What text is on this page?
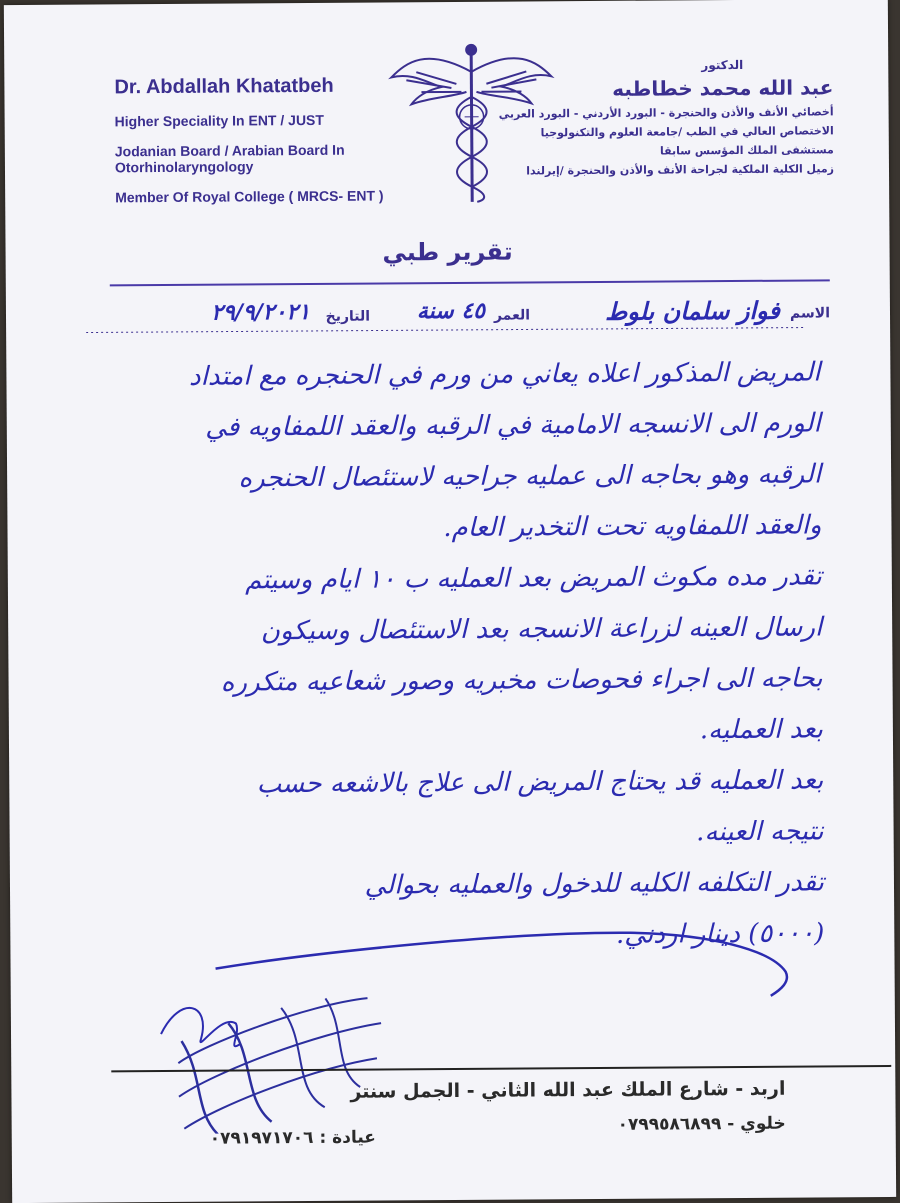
Dr. Abdallah Khatatbeh
Higher Speciality In ENT / JUST
Jodanian Board / Arabian Board In Otorhinolaryngology
Member Of Royal College ( MRCS- ENT )
الدكتور
عبد الله محمد خطاطبه
أخصائي الأنف والأذن والحنجرة - البورد الأردني - البورد العربي
الاختصاص العالي في الطب /جامعة العلوم والتكنولوجيا
مستشفى الملك المؤسس سابقا
زميل الكلية الملكية لجراحة الأنف والأذن والحنجرة /إيرلندا
تقرير طبي
الاسم
فواز سلمان بلوط
العمر
٤٥ سنة
التاريخ
٢٩/٩/٢٠٢١
المريض المذكور اعلاه يعاني من ورم في الحنجره مع امتداد
الورم الى الانسجه الامامية في الرقبه والعقد اللمفاويه في
الرقبه وهو بحاجه الى عمليه جراحيه لاستئصال الحنجره
والعقد اللمفاويه تحت التخدير العام.
تقدر مده مكوث المريض بعد العمليه ب ١٠ ايام وسيتم
ارسال العينه لزراعة الانسجه بعد الاستئصال وسيكون
بحاجه الى اجراء فحوصات مخبريه وصور شعاعيه متكرره
بعد العمليه.
بعد العمليه قد يحتاج المريض الى علاج بالاشعه حسب
نتيجه العينه.
تقدر التكلفه الكليه للدخول والعمليه بحوالي
(٥٠٠٠) دينار اردني.
اربد - شارع الملك عبد الله الثاني - الجمل سنتر
خلوي - ٠٧٩٩٥٨٦٨٩٩
عيادة : ٠٧٩١٩٧١٧٠٦
